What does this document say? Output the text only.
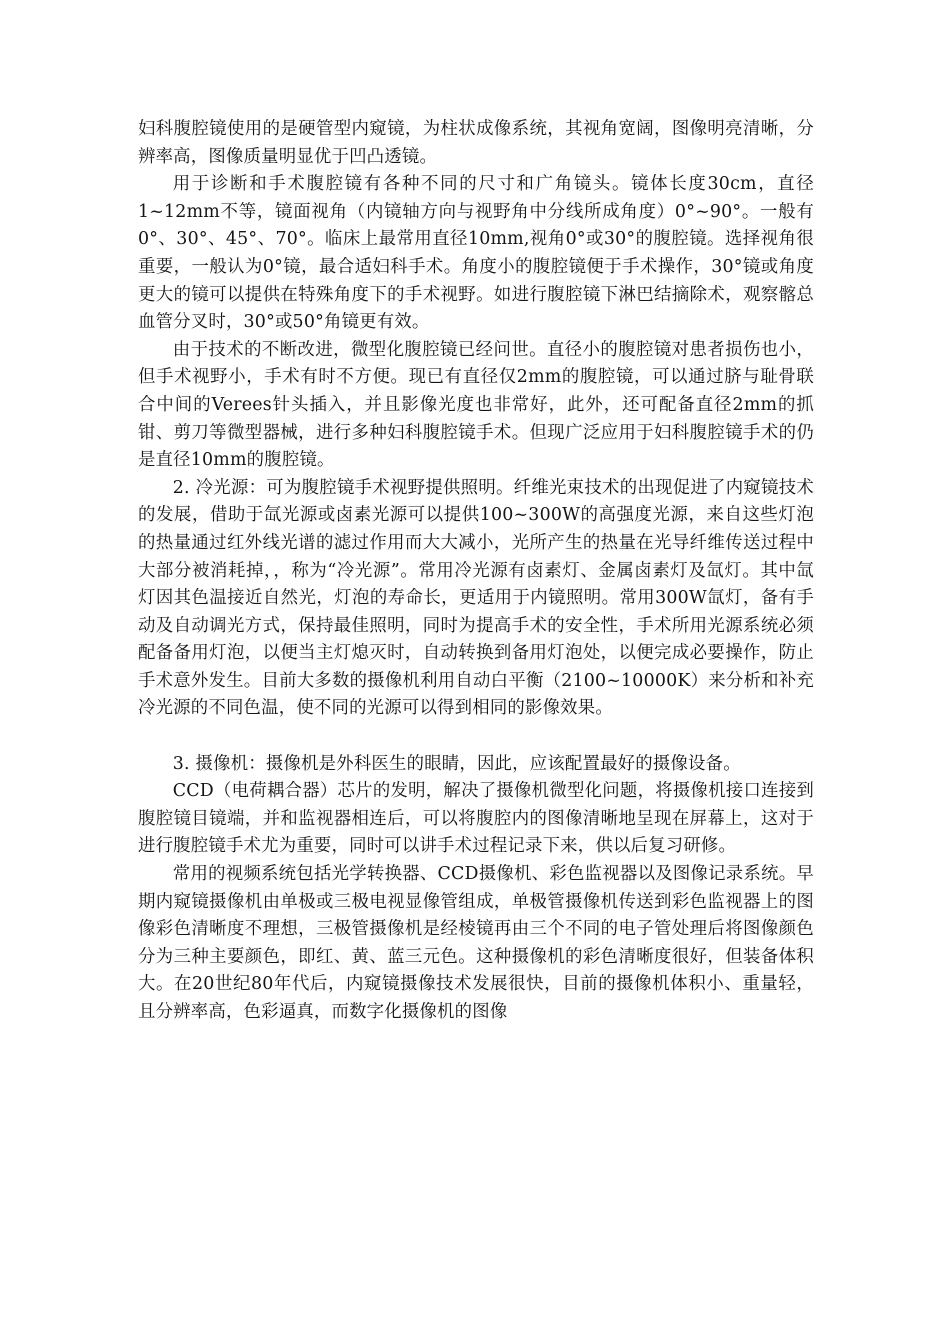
妇科腹腔镜使用的是硬管型内窥镜，为柱状成像系统，其视角宽阔，图像明亮清晰，分辨率高，图像质量明显优于凹凸透镜。

用于诊断和手术腹腔镜有各种不同的尺寸和广角镜头。镜体长度30cm，直径1~12mm不等，镜面视角（内镜轴方向与视野角中分线所成角度）0°~90°。一般有0°、30°、45°、70°。临床上最常用直径10mm,视角0°或30°的腹腔镜。选择视角很重要，一般认为0°镜，最合适妇科手术。角度小的腹腔镜便于手术操作，30°镜或角度更大的镜可以提供在特殊角度下的手术视野。如进行腹腔镜下淋巴结摘除术，观察髂总血管分叉时，30°或50°角镜更有效。

由于技术的不断改进，微型化腹腔镜已经问世。直径小的腹腔镜对患者损伤也小，但手术视野小，手术有时不方便。现已有直径仅2mm的腹腔镜，可以通过脐与耻骨联合中间的Verees针头插入，并且影像光度也非常好，此外，还可配备直径2mm的抓钳、剪刀等微型器械，进行多种妇科腹腔镜手术。但现广泛应用于妇科腹腔镜手术的仍是直径10mm的腹腔镜。

2. 冷光源：可为腹腔镜手术视野提供照明。纤维光束技术的出现促进了内窥镜技术的发展，借助于氙光源或卤素光源可以提供100~300W的高强度光源，来自这些灯泡的热量通过红外线光谱的滤过作用而大大减小，光所产生的热量在光导纤维传送过程中大部分被消耗掉，，称为“冷光源”。常用冷光源有卤素灯、金属卤素灯及氙灯。其中氙灯因其色温接近自然光，灯泡的寿命长，更适用于内镜照明。常用300W氙灯，备有手动及自动调光方式，保持最佳照明，同时为提高手术的安全性，手术所用光源系统必须配备备用灯泡，以便当主灯熄灭时，自动转换到备用灯泡处，以便完成必要操作，防止手术意外发生。目前大多数的摄像机利用自动白平衡（2100~10000K）来分析和补充冷光源的不同色温，使不同的光源可以得到相同的影像效果。

3. 摄像机：摄像机是外科医生的眼睛，因此，应该配置最好的摄像设备。

CCD（电荷耦合器）芯片的发明，解决了摄像机微型化问题，将摄像机接口连接到腹腔镜目镜端，并和监视器相连后，可以将腹腔内的图像清晰地呈现在屏幕上，这对于进行腹腔镜手术尤为重要，同时可以讲手术过程记录下来，供以后复习研修。

常用的视频系统包括光学转换器、CCD摄像机、彩色监视器以及图像记录系统。早期内窥镜摄像机由单极或三极电视显像管组成，单极管摄像机传送到彩色监视器上的图像彩色清晰度不理想，三极管摄像机是经棱镜再由三个不同的电子管处理后将图像颜色分为三种主要颜色，即红、黄、蓝三元色。这种摄像机的彩色清晰度很好，但装备体积大。在20世纪80年代后，内窥镜摄像技术发展很快，目前的摄像机体积小、重量轻，且分辨率高，色彩逼真，而数字化摄像机的图像
